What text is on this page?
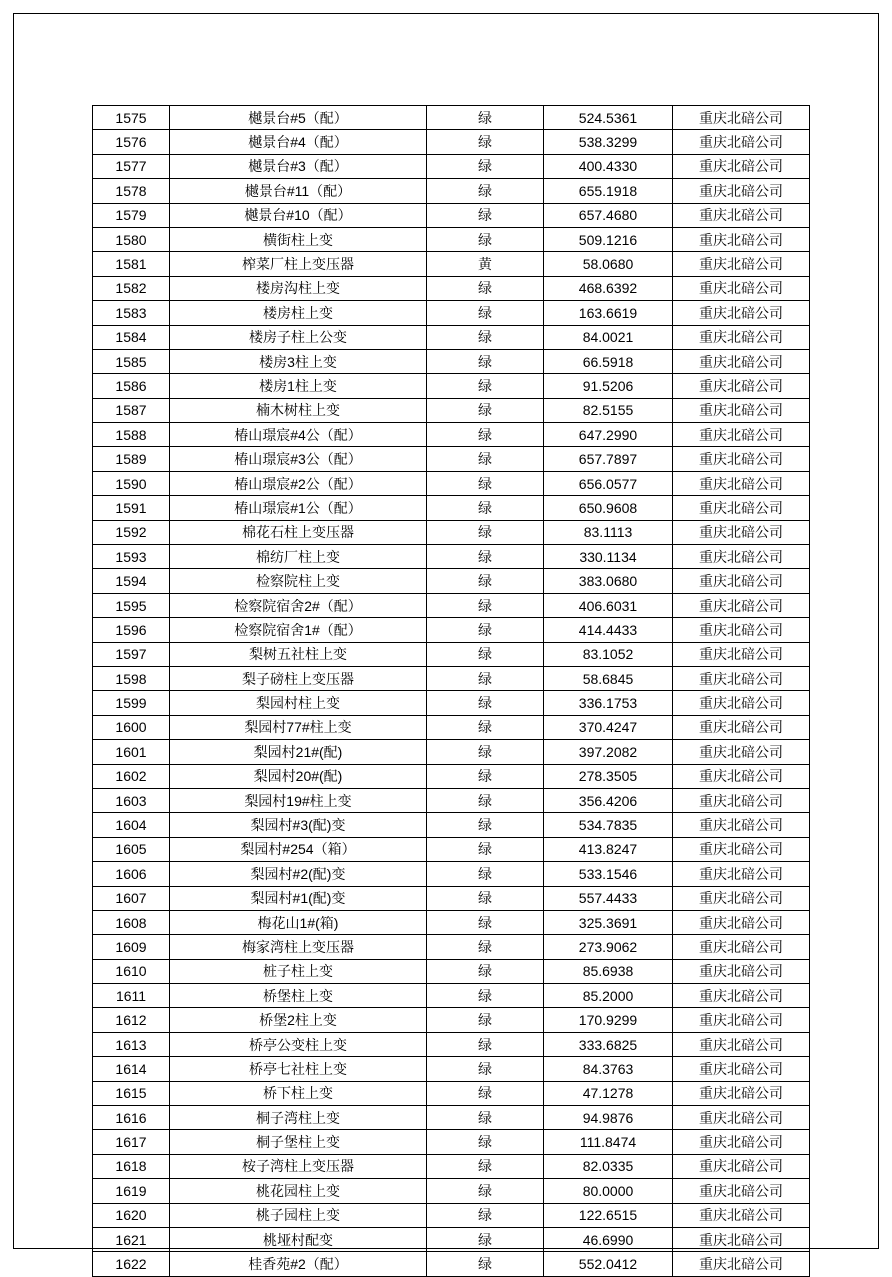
1575	樾景台#5（配）	绿	524.5361	重庆北碚公司
1576	樾景台#4（配）	绿	538.3299	重庆北碚公司
1577	樾景台#3（配）	绿	400.4330	重庆北碚公司
1578	樾景台#11（配）	绿	655.1918	重庆北碚公司
1579	樾景台#10（配）	绿	657.4680	重庆北碚公司
1580	横街柱上变	绿	509.1216	重庆北碚公司
1581	榨菜厂柱上变压器	黄	58.0680	重庆北碚公司
1582	楼房沟柱上变	绿	468.6392	重庆北碚公司
1583	楼房柱上变	绿	163.6619	重庆北碚公司
1584	楼房子柱上公变	绿	84.0021	重庆北碚公司
1585	楼房3柱上变	绿	66.5918	重庆北碚公司
1586	楼房1柱上变	绿	91.5206	重庆北碚公司
1587	楠木树柱上变	绿	82.5155	重庆北碚公司
1588	椿山璟宸#4公（配）	绿	647.2990	重庆北碚公司
1589	椿山璟宸#3公（配）	绿	657.7897	重庆北碚公司
1590	椿山璟宸#2公（配）	绿	656.0577	重庆北碚公司
1591	椿山璟宸#1公（配）	绿	650.9608	重庆北碚公司
1592	棉花石柱上变压器	绿	83.1113	重庆北碚公司
1593	棉纺厂柱上变	绿	330.1134	重庆北碚公司
1594	检察院柱上变	绿	383.0680	重庆北碚公司
1595	检察院宿舍2#（配）	绿	406.6031	重庆北碚公司
1596	检察院宿舍1#（配）	绿	414.4433	重庆北碚公司
1597	梨树五社柱上变	绿	83.1052	重庆北碚公司
1598	梨子磅柱上变压器	绿	58.6845	重庆北碚公司
1599	梨园村柱上变	绿	336.1753	重庆北碚公司
1600	梨园村77#柱上变	绿	370.4247	重庆北碚公司
1601	梨园村21#(配)	绿	397.2082	重庆北碚公司
1602	梨园村20#(配)	绿	278.3505	重庆北碚公司
1603	梨园村19#柱上变	绿	356.4206	重庆北碚公司
1604	梨园村#3(配)变	绿	534.7835	重庆北碚公司
1605	梨园村#254（箱）	绿	413.8247	重庆北碚公司
1606	梨园村#2(配)变	绿	533.1546	重庆北碚公司
1607	梨园村#1(配)变	绿	557.4433	重庆北碚公司
1608	梅花山1#(箱)	绿	325.3691	重庆北碚公司
1609	梅家湾柱上变压器	绿	273.9062	重庆北碚公司
1610	桩子柱上变	绿	85.6938	重庆北碚公司
1611	桥堡柱上变	绿	85.2000	重庆北碚公司
1612	桥堡2柱上变	绿	170.9299	重庆北碚公司
1613	桥亭公变柱上变	绿	333.6825	重庆北碚公司
1614	桥亭七社柱上变	绿	84.3763	重庆北碚公司
1615	桥下柱上变	绿	47.1278	重庆北碚公司
1616	桐子湾柱上变	绿	94.9876	重庆北碚公司
1617	桐子堡柱上变	绿	111.8474	重庆北碚公司
1618	桉子湾柱上变压器	绿	82.0335	重庆北碚公司
1619	桃花园柱上变	绿	80.0000	重庆北碚公司
1620	桃子园柱上变	绿	122.6515	重庆北碚公司
1621	桃垭村配变	绿	46.6990	重庆北碚公司
1622	桂香苑#2（配）	绿	552.0412	重庆北碚公司
